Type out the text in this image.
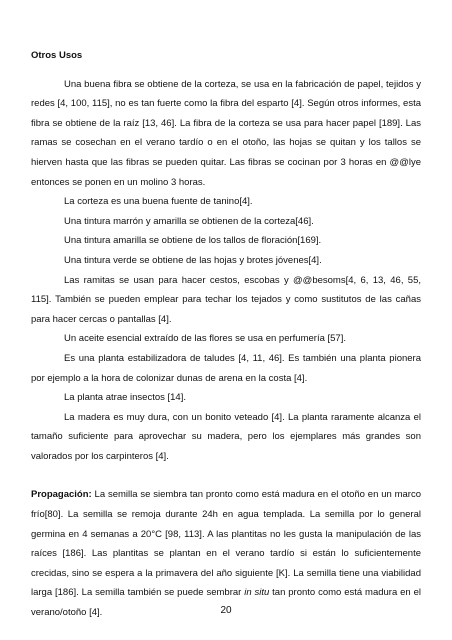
Otros Usos

Una buena fibra se obtiene de la corteza, se usa en la fabricación de papel, tejidos y redes [4, 100, 115], no es tan fuerte como la fibra del esparto [4]. Según otros informes, esta fibra se obtiene de la raíz [13, 46]. La fibra de la corteza se usa para hacer papel [189]. Las ramas se cosechan en el verano tardío o en el otoño, las hojas se quitan y los tallos se hierven hasta que las fibras se pueden quitar. Las fibras se cocinan por 3 horas en @@lye entonces se ponen en un molino 3 horas.

La corteza es una buena fuente de tanino[4].

Una tintura marrón y amarilla se obtienen de la corteza[46].

Una tintura amarilla se obtiene de los tallos de floración[169].

Una tintura verde se obtiene de las hojas y brotes jóvenes[4].

Las ramitas se usan para hacer cestos, escobas y @@besoms[4, 6, 13, 46, 55, 115]. También se pueden emplear para techar los tejados y como sustitutos de las cañas para hacer cercas o pantallas [4].

Un aceite esencial extraído de las flores se usa en perfumería [57].

Es una planta estabilizadora de taludes [4, 11, 46]. Es también una planta pionera por ejemplo a la hora de colonizar dunas de arena en la costa [4].

La planta atrae insectos [14].

La madera es muy dura, con un bonito veteado [4]. La planta raramente alcanza el tamaño suficiente para aprovechar su madera, pero los ejemplares más grandes son valorados por los carpinteros [4].

Propagación: La semilla se siembra tan pronto como está madura en el otoño en un marco frío[80]. La semilla se remoja durante 24h en agua templada. La semilla por lo general germina en 4 semanas a 20°C [98, 113]. A las plantitas no les gusta la manipulación de las raíces [186]. Las plantitas se plantan en el verano tardío si están lo suficientemente crecidas, sino se espera a la primavera del año siguiente [K]. La semilla tiene una viabilidad larga [186]. La semilla también se puede sembrar in situ tan pronto como está madura en el verano/otoño [4].	20
